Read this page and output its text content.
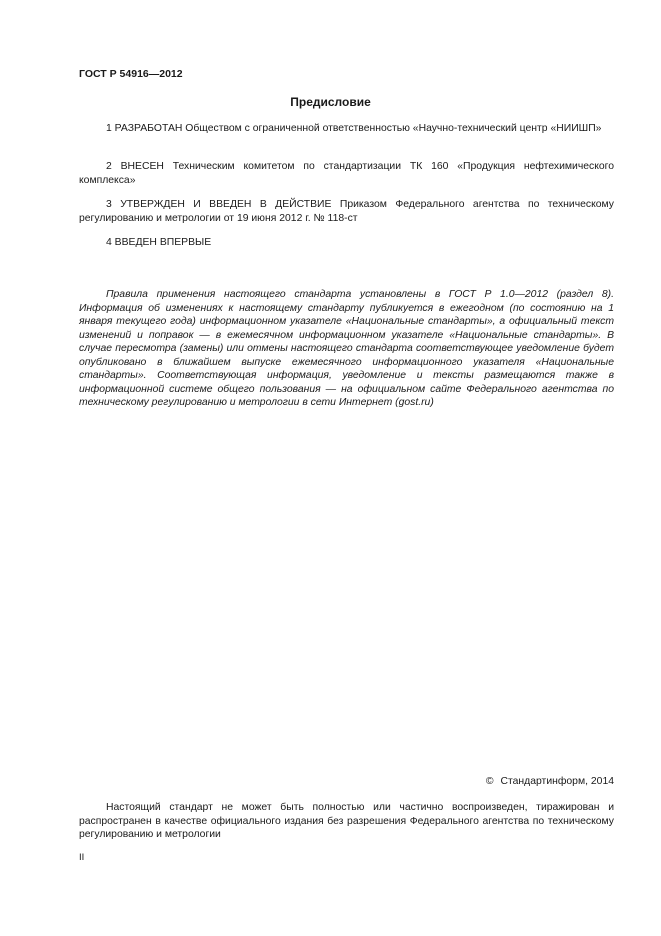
ГОСТ Р 54916—2012
Предисловие

1 РАЗРАБОТАН Обществом с ограниченной ответственностью «Научно-технический центр «НИИШП»

2 ВНЕСЕН Техническим комитетом по стандартизации ТК 160 «Продукция нефтехимического комплекса»

3 УТВЕРЖДЕН И ВВЕДЕН В ДЕЙСТВИЕ Приказом Федерального агентства по техническому регулированию и метрологии от 19 июня 2012 г. № 118-ст

4 ВВЕДЕН ВПЕРВЫЕ

Правила применения настоящего стандарта установлены в ГОСТ Р 1.0—2012 (раздел 8). Информация об изменениях к настоящему стандарту публикуется в ежегодном (по состоянию на 1 января текущего года) информационном указателе «Национальные стандарты», а официальный текст изменений и поправок — в ежемесячном информационном указателе «Национальные стандарты». В случае пересмотра (замены) или отмены настоящего стандарта соответствующее уведомление будет опубликовано в ближайшем выпуске ежемесячного информационного указателя «Национальные стандарты». Соответствующая информация, уведомление и тексты размещаются также в информационной системе общего пользования — на официальном сайте Федерального агентства по техническому регулированию и метрологии в сети Интернет (gost.ru)

© Стандартинформ, 2014

Настоящий стандарт не может быть полностью или частично воспроизведен, тиражирован и распространен в качестве официального издания без разрешения Федерального агентства по техническому регулированию и метрологии

II
